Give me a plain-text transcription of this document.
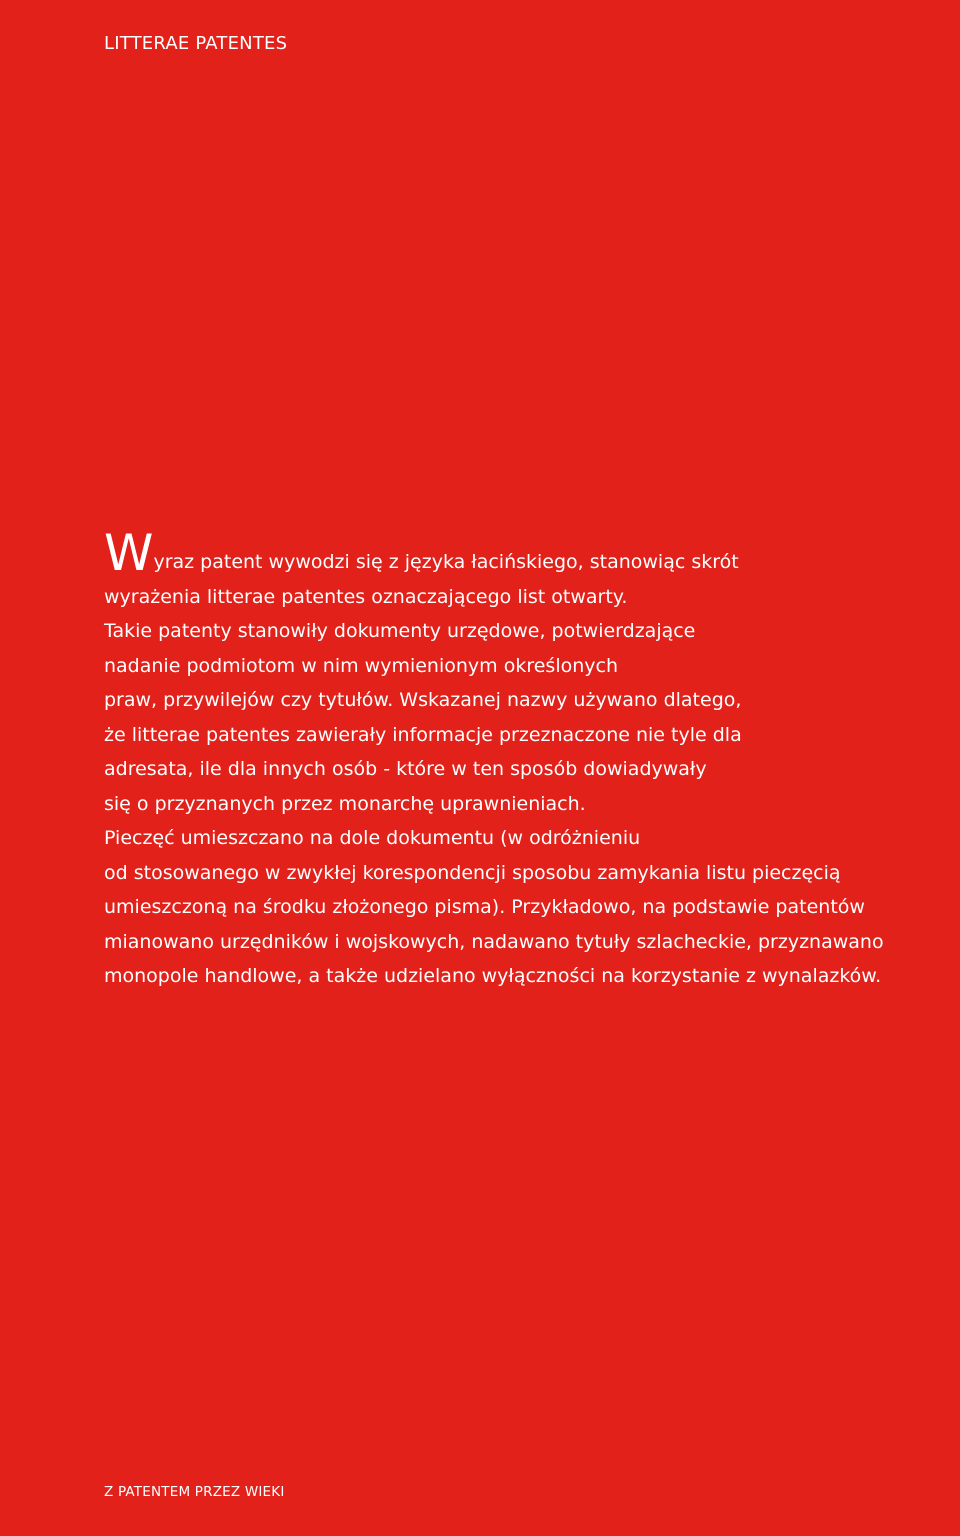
LITTERAE PATENTES
Wyraz patent wywodzi się z języka łacińskiego, stanowiąc skrót
wyrażenia litterae patentes oznaczającego list otwarty.
Takie patenty stanowiły dokumenty urzędowe, potwierdzające
nadanie podmiotom w nim wymienionym określonych
praw, przywilejów czy tytułów. Wskazanej nazwy używano dlatego,
że litterae patentes zawierały informacje przeznaczone nie tyle dla
adresata, ile dla innych osób - które w ten sposób dowiadywały
się o przyznanych przez monarchę uprawnieniach.
Pieczęć umieszczano na dole dokumentu (w odróżnieniu
od stosowanego w zwykłej korespondencji sposobu zamykania listu pieczęcią
umieszczoną na środku złożonego pisma). Przykładowo, na podstawie patentów
mianowano urzędników i wojskowych, nadawano tytuły szlacheckie, przyznawano
monopole handlowe, a także udzielano wyłączności na korzystanie z wynalazków.
Z PATENTEM PRZEZ WIEKI
